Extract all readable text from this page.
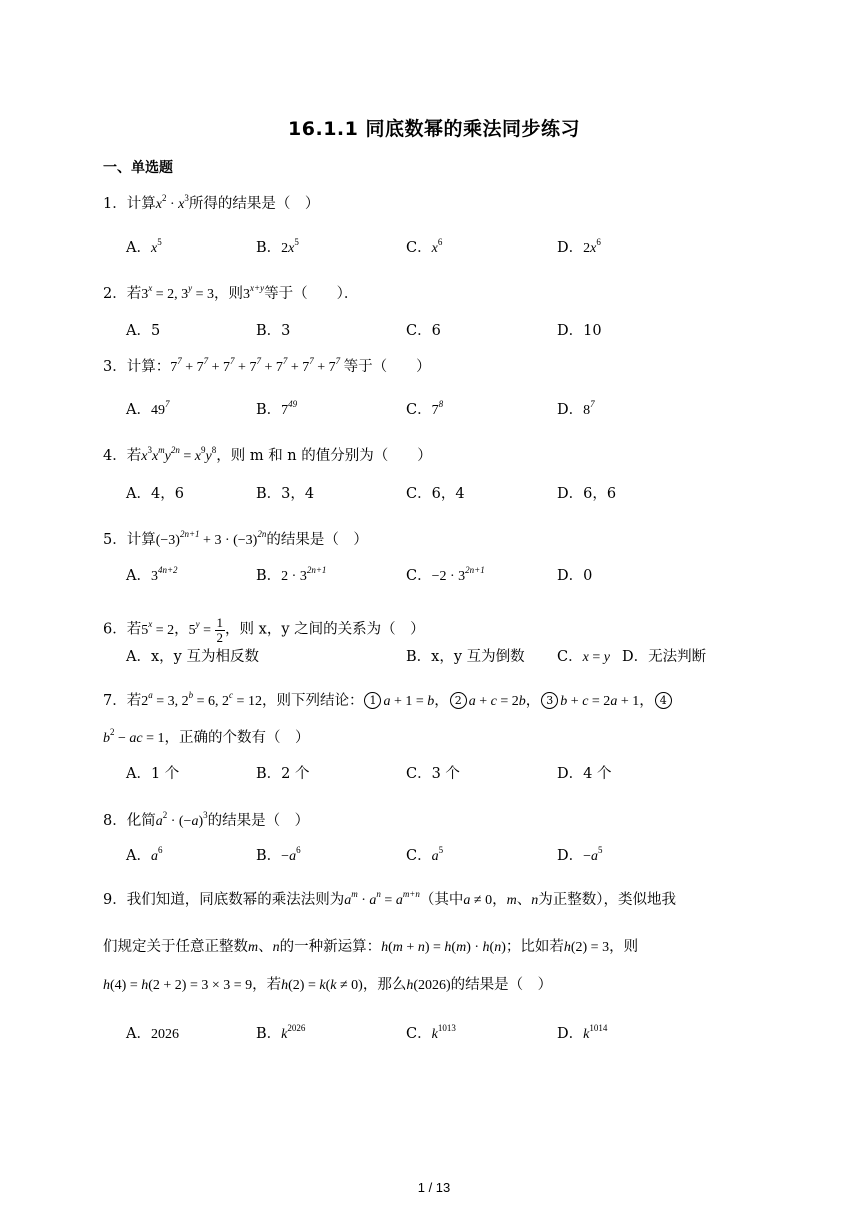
16.1.1 同底数幂的乘法同步练习
一、单选题
1．计算$x^2 \cdot x^3$所得的结果是（　）
A．$x^5$	B．$2x^5$	C．$x^6$	D．$2x^6$
2．若$3^x = 2$, $3^y = 3$，则$3^{x+y}$等于（　　）．
A．5	B．3	C．6	D．10
3．计算：$7^7 + 7^7 + 7^7 + 7^7 + 7^7 + 7^7 + 7^7$ 等于（　　）
A．$49^7$	B．$7^{49}$	C．$7^8$	D．$8^7$
4．若$x^3x^my^{2n} = x^9y^8$，则 m 和 n 的值分别为（　　）
A．4，6	B．3，4	C．6，4	D．6，6
5．计算$(-3)^{2n+1} + 3 \cdot (-3)^{2n}$的结果是（　）
A．$3^{4n+2}$	B．$2 \cdot 3^{2n+1}$	C．$-2 \cdot 3^{2n+1}$	D．0
6．若$5^x = 2$，$5^y = \frac{1}{2}$ ，则 x，y 之间的关系为（　）
A．x，y 互为相反数	B．x，y 互为倒数 C．x = y D．无法判断
7．若$2^a = 3$, $2^b = 6$, $2^c = 12$，则下列结论： 1 a + 1 = b， 2 a + c = 2b， 3 b + c = 2a + 1， 4
$b^2$ − ac = 1，正确的个数有（　）
A．1 个	B．2 个	C．3 个	D．4 个
8．化简$a^2 \cdot (-a)^3$的结果是（　）
A．$a^6$	B．$-a^6$	C．$a^5$	D．$-a^5$
9．我们知道，同底数幂的乘法法则为$a^m \cdot a^n = a^{m+n}$（其中a ≠ 0，m、n为正整数），类似地我
们规定关于任意正整数m、n的一种新运算：h(m + n) = h(m) · h(n)；比如若h(2) = 3，则
h(4) = h(2 + 2) = 3 × 3 = 9，若h(2) = k(k ≠ 0)，那么h(2026)的结果是（　）
A．2026	B．$k^{2026}$	C．$k^{1013}$	D．$k^{1014}$
1 / 13
